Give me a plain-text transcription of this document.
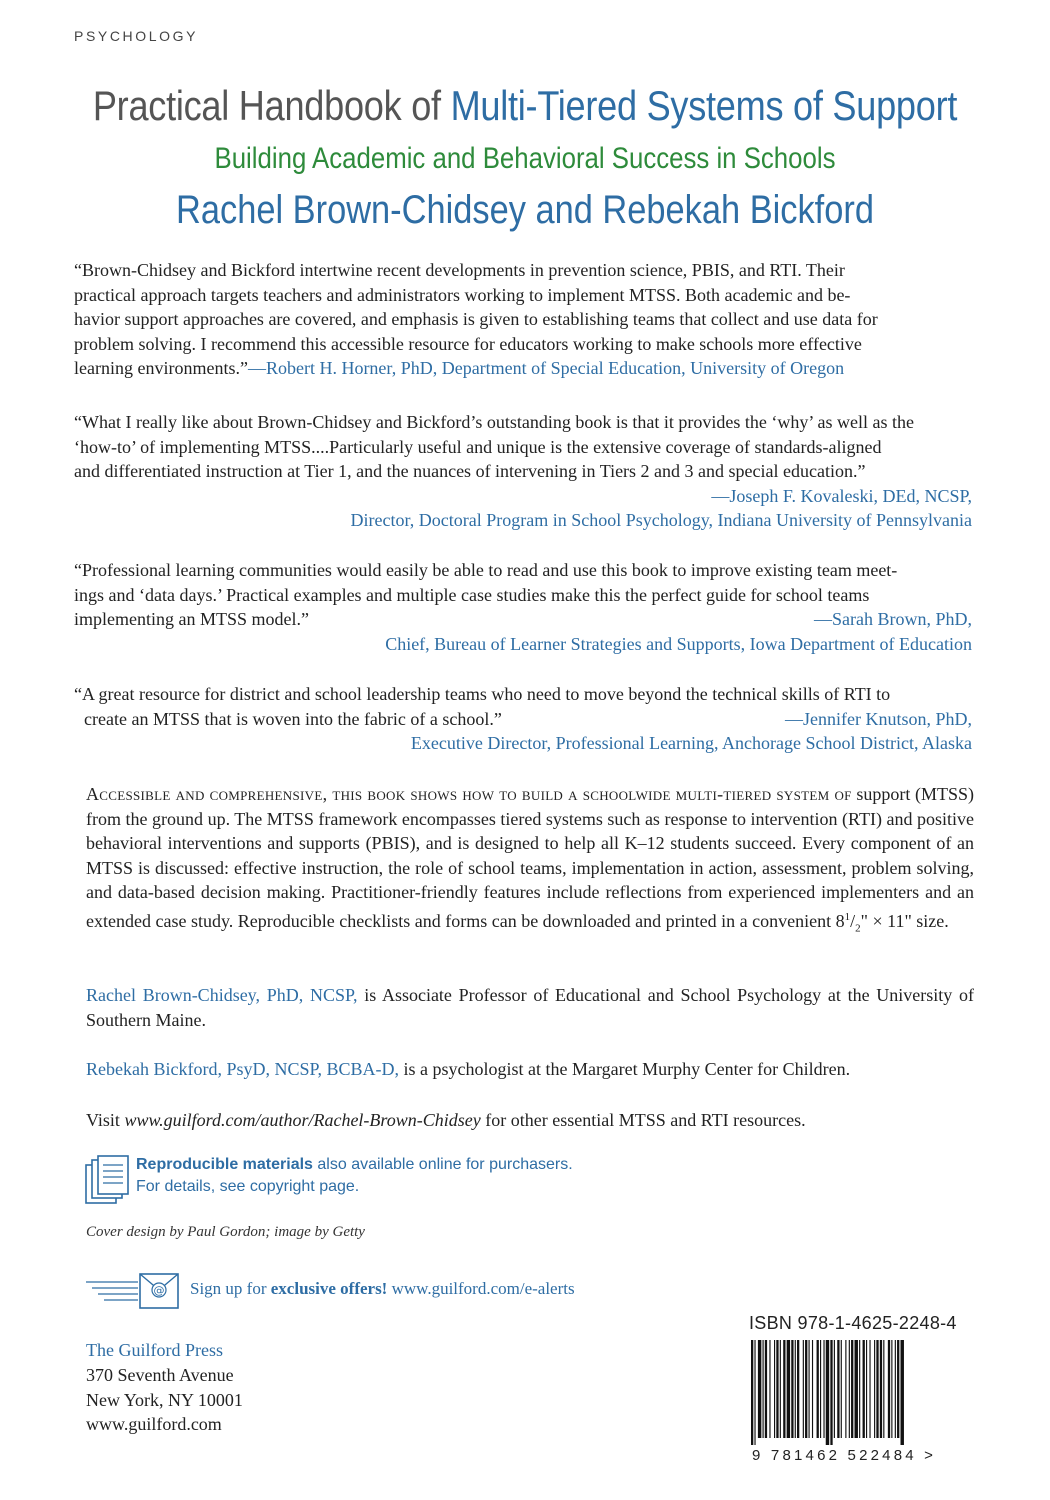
PSYCHOLOGY
Practical Handbook of Multi-Tiered Systems of Support
Building Academic and Behavioral Success in Schools
Rachel Brown-Chidsey and Rebekah Bickford
“Brown-Chidsey and Bickford intertwine recent developments in prevention science, PBIS, and RTI. Their
practical approach targets teachers and administrators working to implement MTSS. Both academic and be-
havior support approaches are covered, and emphasis is given to establishing teams that collect and use data for
problem solving. I recommend this accessible resource for educators working to make schools more effective
learning environments.”—Robert H. Horner, PhD, Department of Special Education, University of Oregon
“What I really like about Brown-Chidsey and Bickford’s outstanding book is that it provides the ‘why’ as well as the
‘how-to’ of implementing MTSS....Particularly useful and unique is the extensive coverage of standards-aligned
and differentiated instruction at Tier 1, and the nuances of intervening in Tiers 2 and 3 and special education.”
—Joseph F. Kovaleski, DEd, NCSP,
Director, Doctoral Program in School Psychology, Indiana University of Pennsylvania
“Professional learning communities would easily be able to read and use this book to improve existing team meet-
ings and ‘data days.’ Practical examples and multiple case studies make this the perfect guide for school teams
implementing an MTSS model.”	—Sarah Brown, PhD,
Chief, Bureau of Learner Strategies and Supports, Iowa Department of Education
“A great resource for district and school leadership teams who need to move beyond the technical skills of RTI to
create an MTSS that is woven into the fabric of a school.”	—Jennifer Knutson, PhD,
Executive Director, Professional Learning, Anchorage School District, Alaska
Accessible and comprehensive, this book shows how to build a schoolwide multi-tiered system of support (MTSS) from the ground up. The MTSS framework encompasses tiered systems such as response to intervention (RTI) and positive behavioral interventions and supports (PBIS), and is designed to help all K–12 students succeed. Every component of an MTSS is discussed: effective instruction, the role of school teams, implementation in action, assessment, problem solving, and data-based decision making. Practitioner-friendly features include reflections from experienced implementers and an extended case study. Reproducible checklists and forms can be downloaded and printed in a convenient $8^1/_2$" × 11" size.
Rachel Brown-Chidsey, PhD, NCSP, is Associate Professor of Educational and School Psychology at the University of Southern Maine.
Rebekah Bickford, PsyD, NCSP, BCBA-D, is a psychologist at the Margaret Murphy Center for Children.
Visit www.guilford.com/author/Rachel-Brown-Chidsey for other essential MTSS and RTI resources.
Reproducible materials also available online for purchasers.
For details, see copyright page.
Cover design by Paul Gordon; image by Getty
@ Sign up for exclusive offers! www.guilford.com/e-alerts
The Guilford Press
370 Seventh Avenue
New York, NY 10001
www.guilford.com
ISBN 978-1-4625-2248-4
9 781462 522484 >
